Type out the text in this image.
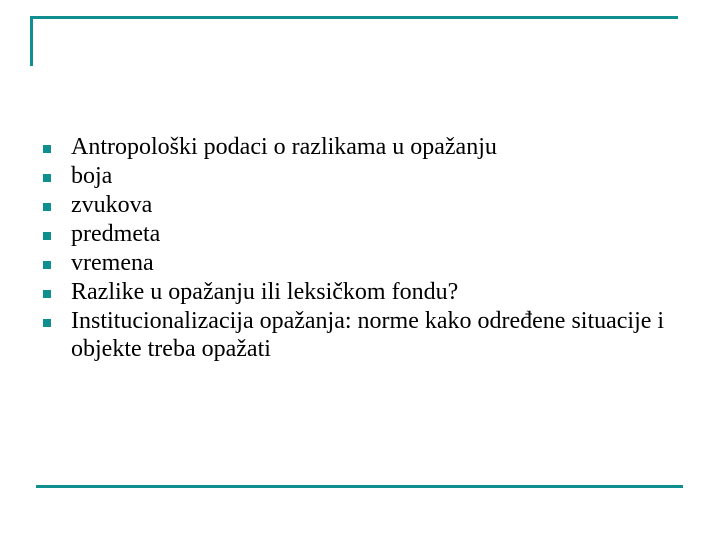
Antropološki podaci o razlikama u opažanju
boja
zvukova
predmeta
vremena
Razlike u opažanju ili leksičkom fondu?
Institucionalizacija opažanja: norme kako određene situacije i objekte treba opažati
